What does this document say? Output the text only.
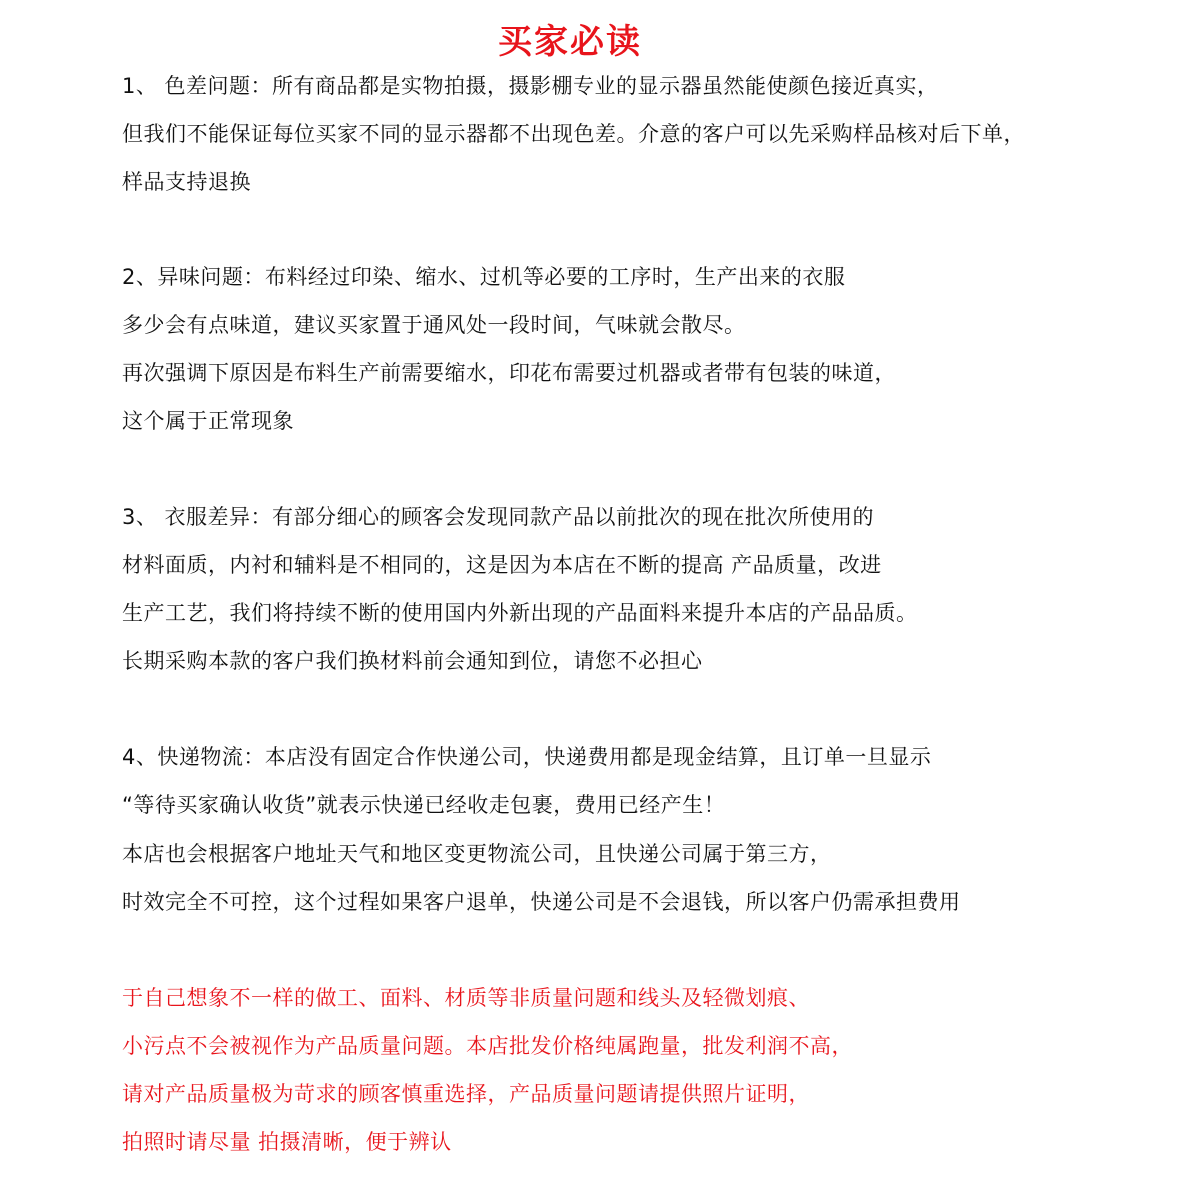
买家必读
1、 色差问题：所有商品都是实物拍摄，摄影棚专业的显示器虽然能使颜色接近真实，
但我们不能保证每位买家不同的显示器都不出现色差。介意的客户可以先采购样品核对后下单，
样品支持退换
2、异味问题：布料经过印染、缩水、过机等必要的工序时，生产出来的衣服
多少会有点味道，建议买家置于通风处一段时间，气味就会散尽。
再次强调下原因是布料生产前需要缩水，印花布需要过机器或者带有包装的味道，
这个属于正常现象
3、 衣服差异：有部分细心的顾客会发现同款产品以前批次的现在批次所使用的
材料面质，内衬和辅料是不相同的，这是因为本店在不断的提高 产品质量，改进
生产工艺，我们将持续不断的使用国内外新出现的产品面料来提升本店的产品品质。
长期采购本款的客户我们换材料前会通知到位，请您不必担心
4、快递物流：本店没有固定合作快递公司，快递费用都是现金结算，且订单一旦显示
“等待买家确认收货”就表示快递已经收走包裹，费用已经产生！
本店也会根据客户地址天气和地区变更物流公司，且快递公司属于第三方，
时效完全不可控，这个过程如果客户退单，快递公司是不会退钱，所以客户仍需承担费用
于自己想象不一样的做工、面料、材质等非质量问题和线头及轻微划痕、
小污点不会被视作为产品质量问题。本店批发价格纯属跑量，批发利润不高，
请对产品质量极为苛求的顾客慎重选择，产品质量问题请提供照片证明，
拍照时请尽量 拍摄清晰，便于辨认
